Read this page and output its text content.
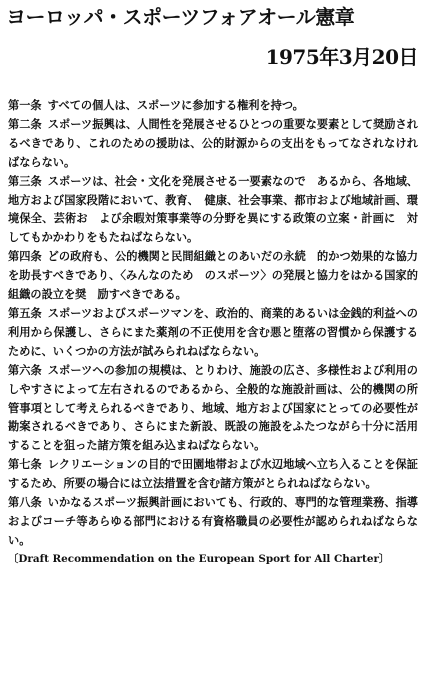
ヨーロッパ・スポーツフォアオール憲章
1975年3月20日

第一条 すべての個人は、スポーツに参加する権利を持つ。

第二条 スポーツ振興は、人間性を発展させるひとつの重要な要素として奨励されるべきであり、これのための援助は、公的財源からの支出をもってなされなければならない。

第三条 スポーツは、社会・文化を発展させる一要素なので　あるから、各地域、地方および国家段階において、教育、　健康、社会事業、都市および地域計画、環境保全、芸術お　よび余暇対策事業等の分野を異にする政策の立案・計画に　対してもかかわりをもたねばならない。

第四条 どの政府も、公的機関と民間組織とのあいだの永続　的かつ効果的な協力を助長すべきであり、〈みんなのため　のスポーツ〉の発展と協力をはかる国家的組織の設立を奨　励すべきである。

第五条 スポーツおよびスポーツマンを、政治的、商業的あるいは金銭的利益への利用から保護し、さらにまた薬剤の不正使用を含む悪と堕落の習慣から保護するために、いくつかの方法が試みられねばならない。

第六条 スポーツへの参加の規模は、とりわけ、施設の広さ、多様性および利用のしやすさによって左右されるのであるから、全般的な施設計画は、公的機関の所管事項として考えられるべきであり、地域、地方および国家にとっての必要性が勘案されるべきであり、さらにまた新設、既設の施設をふたつながら十分に活用することを狙った諸方策を組み込まねばならない。

第七条 レクリエーションの目的で田園地帯および水辺地域へ立ち入ることを保証するため、所要の場合には立法措置を含む諸方策がとられねばならない。

第八条 いかなるスポーツ振興計画においても、行政的、専門的な管理業務、指導およびコーチ等あらゆる部門における有資格職員の必要性が認められねばならない。

〔Draft Recommendation on the European Sport for All Charter〕
